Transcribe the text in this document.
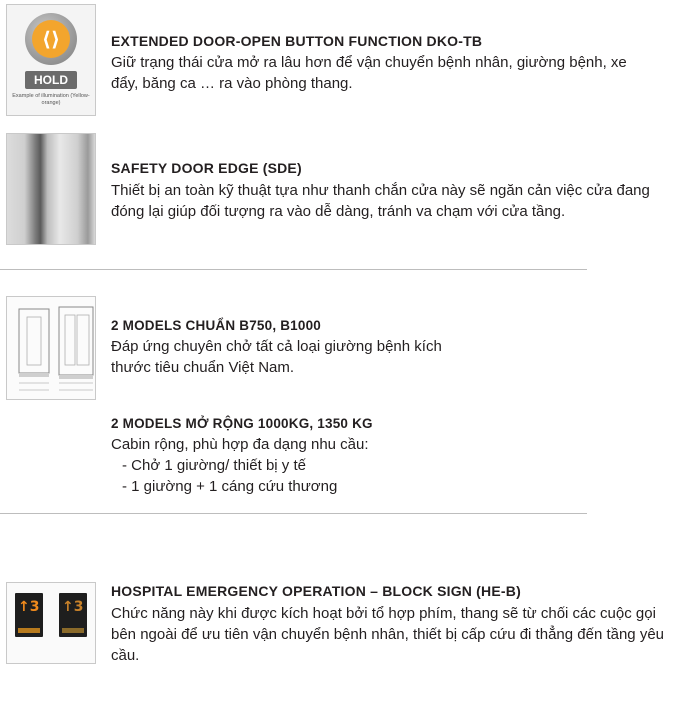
⟨⟩
HOLD
Example of illumination (Yellow-orange)
EXTENDED DOOR-OPEN BUTTON FUNCTION DKO-TB
Giữ trạng thái cửa mở ra lâu hơn để vận chuyển bệnh nhân, giường bệnh, xe đẩy, băng ca … ra vào phòng thang.
SAFETY DOOR EDGE (SDE)
Thiết bị an toàn kỹ thuật tựa như thanh chắn cửa này sẽ ngăn cản việc cửa đang đóng lại giúp đối tượng ra vào dễ dàng, tránh va chạm với cửa tầng.
2 MODELS CHUẨN B750, B1000
Đáp ứng chuyên chở tất cả loại giường bệnh kích thước tiêu chuẩn Việt Nam.
2 MODELS MỞ RỘNG 1000KG, 1350 KG
Cabin rộng, phù hợp đa dạng nhu cầu:
- Chở 1 giường/ thiết bị y tế
- 1 giường + 1 cáng cứu thương
↑3 ↑3
HOSPITAL EMERGENCY OPERATION – BLOCK SIGN (HE-B)
Chức năng này khi được kích hoạt bởi tổ hợp phím, thang sẽ từ chối các cuộc gọi bên ngoài để ưu tiên vận chuyển bệnh nhân, thiết bị cấp cứu đi thẳng đến tầng yêu cầu.
